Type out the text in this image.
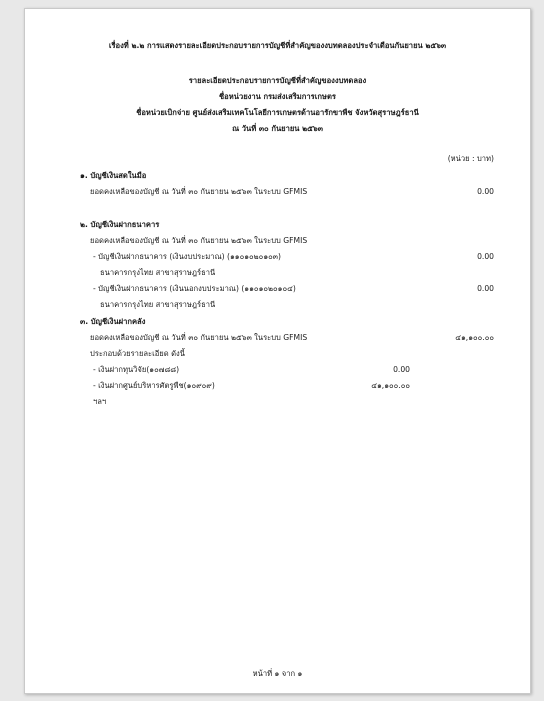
เรื่องที่ ๒.๒ การแสดงรายละเอียดประกอบรายการบัญชีที่สำคัญของงบทดลองประจำเดือนกันยายน ๒๕๖๓
รายละเอียดประกอบรายการบัญชีที่สำคัญของงบทดลอง
ชื่อหน่วยงาน กรมส่งเสริมการเกษตร
ชื่อหน่วยเบิกจ่าย ศูนย์ส่งเสริมเทคโนโลยีการเกษตรด้านอารักขาพืช จังหวัดสุราษฎร์ธานี
ณ วันที่ ๓๐ กันยายน ๒๕๖๓
(หน่วย : บาท)
๑. บัญชีเงินสดในมือ
ยอดคงเหลือของบัญชี ณ วันที่ ๓๐ กันยายน ๒๕๖๓ ในระบบ GFMIS	0.00
๒. บัญชีเงินฝากธนาคาร
ยอดคงเหลือของบัญชี ณ วันที่ ๓๐ กันยายน ๒๕๖๓ ในระบบ GFMIS
- บัญชีเงินฝากธนาคาร (เงินงบประมาณ) (๑๑๐๑๐๒๐๑๐๓)	0.00
ธนาคารกรุงไทย สาขาสุราษฎร์ธานี
- บัญชีเงินฝากธนาคาร (เงินนอกงบประมาณ) (๑๑๐๑๐๒๐๑๐๔)	0.00
ธนาคารกรุงไทย สาขาสุราษฎร์ธานี
๓. บัญชีเงินฝากคลัง
ยอดคงเหลือของบัญชี ณ วันที่ ๓๐ กันยายน ๒๕๖๓ ในระบบ GFMIS	๔๑,๑๐๐.๐๐
ประกอบด้วยรายละเอียด ดังนี้
- เงินฝากทุนวิจัย(๑๐๗๘๘)	0.00
- เงินฝากศูนย์บริหารศัตรูพืช(๑๐๙๐๙)	๔๑,๑๐๐.๐๐
ฯลฯ
หน้าที่ ๑ จาก ๑
